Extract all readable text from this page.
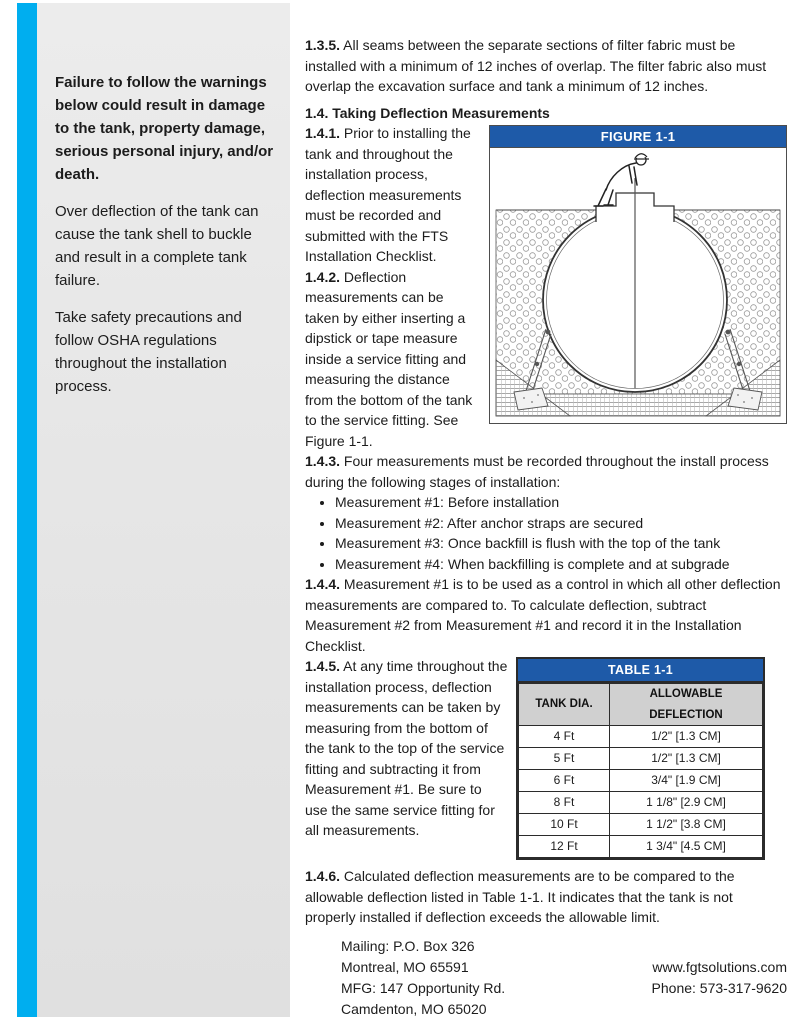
Failure to follow the warnings below could result in damage to the tank, property damage, serious personal injury, and/or death.

Over deflection of the tank can cause the tank shell to buckle and result in a complete tank failure.

Take safety precautions and follow OSHA regulations throughout the installation process.

1.3.5. All seams between the separate sections of filter fabric must be installed with a minimum of 12 inches of overlap. The filter fabric also must overlap the excavation surface and tank a minimum of 12 inches.

1.4. Taking Deflection Measurements

FIGURE 1-1

1.4.1. Prior to installing the tank and throughout the installation process, deflection measurements must be recorded and submitted with the FTS Installation Checklist.

1.4.2. Deflection measurements can be taken by either inserting a dipstick or tape measure inside a service fitting and measuring the distance from the bottom of the tank to the service fitting. See Figure 1-1.

1.4.3. Four measurements must be recorded throughout the install process during the following stages of installation:

• Measurement #1: Before installation
• Measurement #2: After anchor straps are secured
• Measurement #3: Once backfill is flush with the top of the tank
• Measurement #4: When backfilling is complete and at subgrade

1.4.4. Measurement #1 is to be used as a control in which all other deflection measurements are compared to. To calculate deflection, subtract Measurement #2 from Measurement #1 and record it in the Installation Checklist.

TABLE 1-1
TANK DIA.	ALLOWABLE DEFLECTION
4 Ft	1/2" [1.3 CM]
5 Ft	1/2" [1.3 CM]
6 Ft	3/4" [1.9 CM]
8 Ft	1 1/8" [2.9 CM]
10 Ft	1 1/2" [3.8 CM]
12 Ft	1 3/4" [4.5 CM]

1.4.5. At any time throughout the installation process, deflection measurements can be taken by measuring from the bottom of the tank to the top of the service fitting and subtracting it from Measurement #1. Be sure to use the same service fitting for all measurements.

1.4.6. Calculated deflection measurements are to be compared to the allowable deflection listed in Table 1-1. It indicates that the tank is not properly installed if deflection exceeds the allowable limit.

Mailing: P.O. Box 326
Montreal, MO 65591
MFG: 147 Opportunity Rd.
Camdenton, MO 65020
www.fgtsolutions.com
Phone: 573-317-9620
